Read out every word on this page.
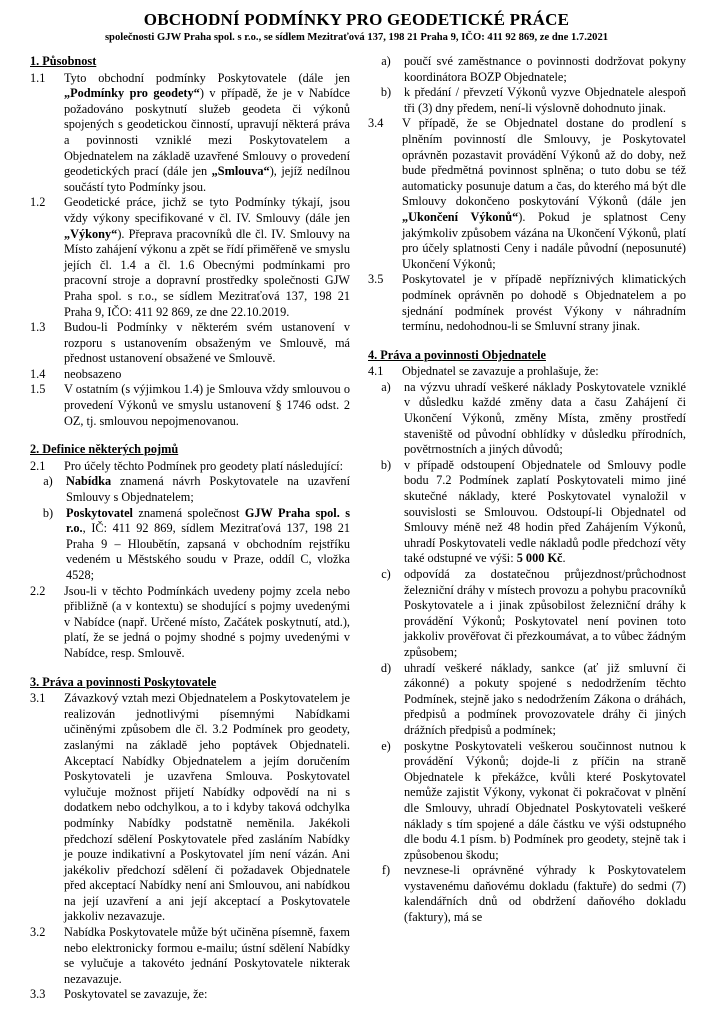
OBCHODNÍ PODMÍNKY PRO GEODETICKÉ PRÁCE

společnosti GJW Praha spol. s r.o., se sídlem Mezitraťová 137, 198 21 Praha 9, IČO: 411 92 869, ze dne 1.7.2021

1. Působnost
1.1	Tyto obchodní podmínky Poskytovatele (dále jen „Podmínky pro geodety“) v případě, že je v Nabídce požadováno poskytnutí služeb geodeta či výkonů spojených s geodetickou činností, upravují některá práva a povinnosti vzniklé mezi Poskytovatelem a Objednatelem na základě uzavřené Smlouvy o provedení geodetických prací (dále jen „Smlouva“), jejíž nedílnou součástí tyto Podmínky jsou.
1.2	Geodetické práce, jichž se tyto Podmínky týkají, jsou vždy výkony specifikované v čl. IV. Smlouvy (dále jen „Výkony“). Přeprava pracovníků dle čl. IV. Smlouvy na Místo zahájení výkonu a zpět se řídí přiměřeně ve smyslu jejích čl. 1.4 a čl. 1.6 Obecnými podmínkami pro pracovní stroje a dopravní prostředky společnosti GJW Praha spol. s r.o., se sídlem Mezitraťová 137, 198 21 Praha 9, IČO: 411 92 869, ze dne 22.10.2019.
1.3	Budou-li Podmínky v některém svém ustanovení v rozporu s ustanovením obsaženým ve Smlouvě, má přednost ustanovení obsažené ve Smlouvě.
1.4	neobsazeno
1.5	V ostatním (s výjimkou 1.4) je Smlouva vždy smlouvou o provedení Výkonů ve smyslu ustanovení § 1746 odst. 2 OZ, tj. smlouvou nepojmenovanou.
2. Definice některých pojmů
2.1	Pro účely těchto Podmínek pro geodety platí následující:
a)	Nabídka znamená návrh Poskytovatele na uzavření Smlouvy s Objednatelem;
b)	Poskytovatel znamená společnost GJW Praha spol. s r.o., IČ: 411 92 869, sídlem Mezitraťová 137, 198 21 Praha 9 – Hloubětín, zapsaná v obchodním rejstříku vedeném u Městského soudu v Praze, oddíl C, vložka 4528;
2.2	Jsou-li v těchto Podmínkách uvedeny pojmy zcela nebo přibližně (a v kontextu) se shodující s pojmy uvedenými v Nabídce (např. Určené místo, Začátek poskytnutí, atd.), platí, že se jedná o pojmy shodné s pojmy uvedenými v Nabídce, resp. Smlouvě.
3. Práva a povinnosti Poskytovatele
3.1	Závazkový vztah mezi Objednatelem a Poskytovatelem je realizován jednotlivými písemnými Nabídkami učiněnými způsobem dle čl. 3.2 Podmínek pro geodety, zaslanými na základě jeho poptávek Objednateli. Akceptací Nabídky Objednatelem a jejím doručením Poskytovateli je uzavřena Smlouva. Poskytovatel vylučuje možnost přijetí Nabídky odpovědí na ni s dodatkem nebo odchylkou, a to i kdyby taková odchylka podmínky Nabídky podstatně neměnila. Jakékoli předchozí sdělení Poskytovatele před zasláním Nabídky je pouze indikativní a Poskytovatel jím není vázán. Ani jakékoliv předchozí sdělení či požadavek Objednatele před akceptací Nabídky není ani Smlouvou, ani nabídkou na její uzavření a ani její akceptací a Poskytovatele jakkoliv nezavazuje.
3.2	Nabídka Poskytovatele může být učiněna písemně, faxem nebo elektronicky formou e-mailu; ústní sdělení Nabídky se vylučuje a takovéto jednání Poskytovatele nikterak nezavazuje.
3.3	Poskytovatel se zavazuje, že:
a)	poučí své zaměstnance o povinnosti dodržovat pokyny koordinátora BOZP Objednatele;
b)	k předání / převzetí Výkonů vyzve Objednatele alespoň tři (3) dny předem, není-li výslovně dohodnuto jinak.
3.4	V případě, že se Objednatel dostane do prodlení s plněním povinností dle Smlouvy, je Poskytovatel oprávněn pozastavit provádění Výkonů až do doby, než bude předmětná povinnost splněna; o tuto dobu se též automaticky posunuje datum a čas, do kterého má být dle Smlouvy dokončeno poskytování Výkonů (dále jen „Ukončení Výkonů“). Pokud je splatnost Ceny jakýmkoliv způsobem vázána na Ukončení Výkonů, platí pro účely splatnosti Ceny i nadále původní (neposunuté) Ukončení Výkonů;
3.5	Poskytovatel je v případě nepříznivých klimatických podmínek oprávněn po dohodě s Objednatelem a po sjednání podmínek provést Výkony v náhradním termínu, nedohodnou-li se Smluvní strany jinak.
4. Práva a povinnosti Objednatele
4.1	Objednatel se zavazuje a prohlašuje, že:
a)	na výzvu uhradí veškeré náklady Poskytovatele vzniklé v důsledku každé změny data a času Zahájení či Ukončení Výkonů, změny Místa, změny prostředí staveniště od původní obhlídky v důsledku přírodních, povětrnostních a jiných důvodů;
b)	v případě odstoupení Objednatele od Smlouvy podle bodu 7.2 Podmínek zaplatí Poskytovateli mimo jiné skutečné náklady, které Poskytovatel vynaložil v souvislosti se Smlouvou. Odstoupí-li Objednatel od Smlouvy méně než 48 hodin před Zahájením Výkonů, uhradí Poskytovateli vedle nákladů podle předchozí věty také odstupné ve výši: 5 000 Kč.
c)	odpovídá za dostatečnou průjezdnost/průchodnost železniční dráhy v místech provozu a pohybu pracovníků Poskytovatele a i jinak způsobilost železniční dráhy k provádění Výkonů; Poskytovatel není povinen toto jakkoliv prověřovat či přezkoumávat, a to vůbec žádným způsobem;
d)	uhradí veškeré náklady, sankce (ať již smluvní či zákonné) a pokuty spojené s nedodržením těchto Podmínek, stejně jako s nedodržením Zákona o dráhách, předpisů a podmínek provozovatele dráhy či jiných drážních předpisů a podmínek;
e)	poskytne Poskytovateli veškerou součinnost nutnou k provádění Výkonů; dojde-li z příčin na straně Objednatele k překážce, kvůli které Poskytovatel nemůže zajistit Výkony, vykonat či pokračovat v plnění dle Smlouvy, uhradí Objednatel Poskytovateli veškeré náklady s tím spojené a dále částku ve výši odstupného dle bodu 4.1 písm. b) Podmínek pro geodety, stejně tak i způsobenou škodu;
f)	nevznese-li oprávněné výhrady k Poskytovatelem vystavenému daňovému dokladu (faktuře) do sedmi (7) kalendářních dnů od obdržení daňového dokladu (faktury), má se
